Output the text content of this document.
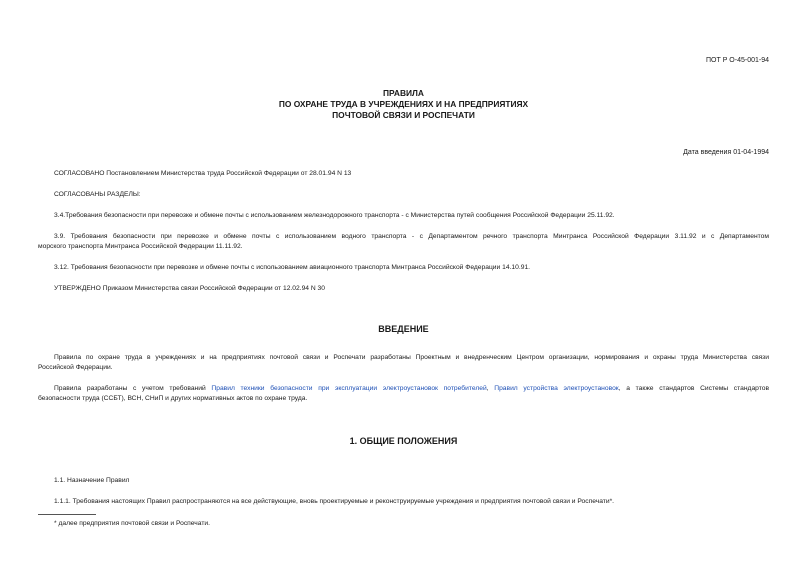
ПОТ Р О-45-001-94
ПРАВИЛА
ПО ОХРАНЕ ТРУДА В УЧРЕЖДЕНИЯХ И НА ПРЕДПРИЯТИЯХ
ПОЧТОВОЙ СВЯЗИ И РОСПЕЧАТИ
Дата введения 01-04-1994
СОГЛАСОВАНО Постановлением Министерства труда Российской Федерации от 28.01.94 N 13
СОГЛАСОВАНЫ РАЗДЕЛЫ:
3.4.Требования безопасности при перевозке и обмене почты с использованием железнодорожного транспорта - с Министерства путей сообщения Российской Федерации 25.11.92.
3.9. Требования безопасности при перевозке и обмене почты с использованием водного транспорта - с Департаментом речного транспорта Минтранса Российской Федерации 3.11.92 и с Департаментом
морского транспорта Минтранса Российской Федерации 11.11.92.
3.12. Требования безопасности при перевозке и обмене почты с использованием авиационного транспорта Минтранса Российской Федерации 14.10.91.
УТВЕРЖДЕНО Приказом Министерства связи Российской Федерации от 12.02.94 N 30
ВВЕДЕНИЕ
Правила по охране труда в учреждениях и на предприятиях почтовой связи и Роспечати разработаны Проектным и внедренческим Центром организации, нормирования и охраны труда Министерства связи
Российской Федерации.
Правила разработаны с учетом требований Правил техники безопасности при эксплуатации электроустановок потребителей, Правил устройства электроустановок, а также стандартов Системы стандартов
безопасности труда (ССБТ), ВСН, СНиП и других нормативных актов по охране труда.
1. ОБЩИЕ ПОЛОЖЕНИЯ
1.1. Назначение Правил
1.1.1. Требования настоящих Правил распространяются на все действующие, вновь проектируемые и реконструируемые учреждения и предприятия почтовой связи и Роспечати*.
* далее предприятия почтовой связи и Роспечати.
